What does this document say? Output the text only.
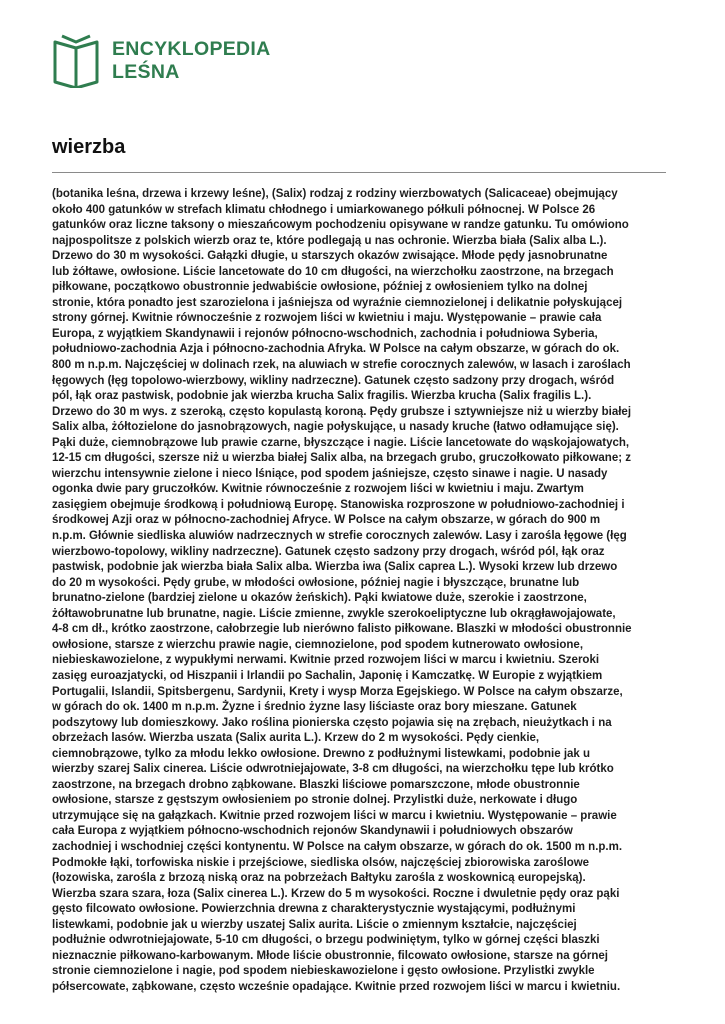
ENCYKLOPEDIA
LEŚNA
wierzba

(botanika leśna, drzewa i krzewy leśne), (Salix) rodzaj z rodziny wierzbowatych (Salicaceae) obejmujący
około 400 gatunków w strefach klimatu chłodnego i umiarkowanego półkuli północnej. W Polsce 26
gatunków oraz liczne taksony o mieszańcowym pochodzeniu opisywane w randze gatunku. Tu omówiono
najpospolitsze z polskich wierzb oraz te, które podlegają u nas ochronie. Wierzba biała (Salix alba L.).
Drzewo do 30 m wysokości. Gałązki długie, u starszych okazów zwisające. Młode pędy jasnobrunatne
lub żółtawe, owłosione. Liście lancetowate do 10 cm długości, na wierzchołku zaostrzone, na brzegach
piłkowane, początkowo obustronnie jedwabiście owłosione, później z owłosieniem tylko na dolnej
stronie, która ponadto jest szarozielona i jaśniejsza od wyraźnie ciemnozielonej i delikatnie połyskującej
strony górnej. Kwitnie równocześnie z rozwojem liści w kwietniu i maju. Występowanie – prawie cała
Europa, z wyjątkiem Skandynawii i rejonów północno-wschodnich, zachodnia i południowa Syberia,
południowo-zachodnia Azja i północno-zachodnia Afryka. W Polsce na całym obszarze, w górach do ok.
800 m n.p.m. Najczęściej w dolinach rzek, na aluwiach w strefie corocznych zalewów, w lasach i zaroślach
łęgowych (łęg topolowo-wierzbowy, wikliny nadrzeczne). Gatunek często sadzony przy drogach, wśród
pól, łąk oraz pastwisk, podobnie jak wierzba krucha Salix fragilis. Wierzba krucha (Salix fragilis L.).
Drzewo do 30 m wys. z szeroką, często kopulastą koroną. Pędy grubsze i sztywniejsze niż u wierzby białej
Salix alba, żółtozielone do jasnobrązowych, nagie połyskujące, u nasady kruche (łatwo odłamujące się).
Pąki duże, ciemnobrązowe lub prawie czarne, błyszczące i nagie. Liście lancetowate do wąskojajowatych,
12-15 cm długości, szersze niż u wierzba białej Salix alba, na brzegach grubo, gruczołkowato piłkowane; z
wierzchu intensywnie zielone i nieco lśniące, pod spodem jaśniejsze, często sinawe i nagie. U nasady
ogonka dwie pary gruczołków. Kwitnie równocześnie z rozwojem liści w kwietniu i maju. Zwartym
zasięgiem obejmuje środkową i południową Europę. Stanowiska rozproszone w południowo-zachodniej i
środkowej Azji oraz w północno-zachodniej Afryce. W Polsce na całym obszarze, w górach do 900 m
n.p.m. Głównie siedliska aluwiów nadrzecznych w strefie corocznych zalewów. Lasy i zarośla łęgowe (łęg
wierzbowo-topolowy, wikliny nadrzeczne). Gatunek często sadzony przy drogach, wśród pól, łąk oraz
pastwisk, podobnie jak wierzba biała Salix alba. Wierzba iwa (Salix caprea L.). Wysoki krzew lub drzewo
do 20 m wysokości. Pędy grube, w młodości owłosione, później nagie i błyszczące, brunatne lub
brunatno-zielone (bardziej zielone u okazów żeńskich). Pąki kwiatowe duże, szerokie i zaostrzone,
żółtawobrunatne lub brunatne, nagie. Liście zmienne, zwykle szerokoeliptyczne lub okrągławojajowate,
4-8 cm dł., krótko zaostrzone, całobrzegie lub nierówno falisto piłkowane. Blaszki w młodości obustronnie
owłosione, starsze z wierzchu prawie nagie, ciemnozielone, pod spodem kutnerowato owłosione,
niebieskawozielone, z wypukłymi nerwami. Kwitnie przed rozwojem liści w marcu i kwietniu. Szeroki
zasięg euroazjatycki, od Hiszpanii i Irlandii po Sachalin, Japonię i Kamczatkę. W Europie z wyjątkiem
Portugalii, Islandii, Spitsbergenu, Sardynii, Krety i wysp Morza Egejskiego. W Polsce na całym obszarze,
w górach do ok. 1400 m n.p.m. Żyzne i średnio żyzne lasy liściaste oraz bory mieszane. Gatunek
podszytowy lub domieszkowy. Jako roślina pionierska często pojawia się na zrębach, nieużytkach i na
obrzeżach lasów. Wierzba uszata (Salix aurita L.). Krzew do 2 m wysokości. Pędy cienkie,
ciemnobrązowe, tylko za młodu lekko owłosione. Drewno z podłużnymi listewkami, podobnie jak u
wierzby szarej Salix cinerea. Liście odwrotniejajowate, 3-8 cm długości, na wierzchołku tępe lub krótko
zaostrzone, na brzegach drobno ząbkowane. Blaszki liściowe pomarszczone, młode obustronnie
owłosione, starsze z gęstszym owłosieniem po stronie dolnej. Przylistki duże, nerkowate i długo
utrzymujące się na gałązkach. Kwitnie przed rozwojem liści w marcu i kwietniu. Występowanie – prawie
cała Europa z wyjątkiem północno-wschodnich rejonów Skandynawii i południowych obszarów
zachodniej i wschodniej części kontynentu. W Polsce na całym obszarze, w górach do ok. 1500 m n.p.m.
Podmokłe łąki, torfowiska niskie i przejściowe, siedliska olsów, najczęściej zbiorowiska zaroślowe
(łozowiska, zarośla z brzozą niską oraz na pobrzeżach Bałtyku zarośla z woskownicą europejską).
Wierzba szara szara, łoza (Salix cinerea L.). Krzew do 5 m wysokości. Roczne i dwuletnie pędy oraz pąki
gęsto filcowato owłosione. Powierzchnia drewna z charakterystycznie wystającymi, podłużnymi
listewkami, podobnie jak u wierzby uszatej Salix aurita. Liście o zmiennym kształcie, najczęściej
podłużnie odwrotniejajowate, 5-10 cm długości, o brzegu podwiniętym, tylko w górnej części blaszki
nieznacznie piłkowano-karbowanym. Młode liście obustronnie, filcowato owłosione, starsze na górnej
stronie ciemnozielone i nagie, pod spodem niebieskawozielone i gęsto owłosione. Przylistki zwykle
półsercowate, ząbkowane, często wcześnie opadające. Kwitnie przed rozwojem liści w marcu i kwietniu.
